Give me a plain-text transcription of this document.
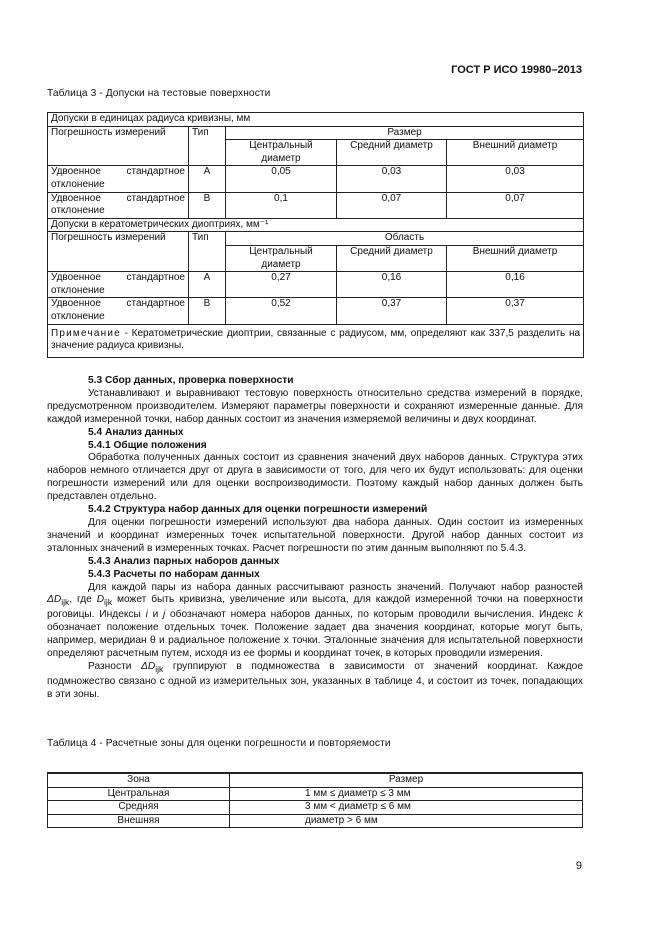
ГОСТ Р ИСО 19980–2013
Таблица 3 - Допуски на тестовые поверхности
Допуски в единицах радиуса кривизны, мм				
Погрешность измерений	Тип	Размер		
		Центральный диаметр	Средний диаметр	Внешний диаметр
Удвоенное стандартное отклонение	A	0,05	0,03	0,03
Удвоенное стандартное отклонение	B	0,1	0,07	0,07
Допуски в кератометрических диоптриях, мм⁻¹				
Погрешность измерений	Тип	Область		
		Центральный диаметр	Средний диаметр	Внешний диаметр
Удвоенное стандартное отклонение	A	0,27	0,16	0,16
Удвоенное стандартное отклонение	B	0,52	0,37	0,37
Примечание - Кератометрические диоптрии, связанные с радиусом, мм, определяют как 337,5 разделить на значение радиуса кривизны.				
5.3 Сбор данных, проверка поверхности

Устанавливают и выравнивают тестовую поверхность относительно средства измерений в порядке, предусмотренном производителем. Измеряют параметры поверхности и сохраняют измеренные данные. Для каждой измеренной точки, набор данных состоит из значения измеряемой величины и двух координат.

5.4 Анализ данных
5.4.1 Общие положения

Обработка полученных данных состоит из сравнения значений двух наборов данных. Структура этих наборов немного отличается друг от друга в зависимости от того, для чего их будут использовать: для оценки погрешности измерений или для оценки воспроизводимости. Поэтому каждый набор данных должен быть представлен отдельно.

5.4.2 Структура набор данных для оценки погрешности измерений

Для оценки погрешности измерений используют два набора данных. Один состоит из измеренных значений и координат измеренных точек испытательной поверхности. Другой набор данных состоит из эталонных значений в измеренных точках. Расчет погрешности по этим данным выполняют по 5.4.3.

5.4.3 Анализ парных наборов данных
5.4.3 Расчеты по наборам данных

Для каждой пары из набора данных рассчитывают разность значений. Получают набор разностей $\Delta D_{ijk}$, где $D_{ijk}$ может быть кривизна, увеличение или высота, для каждой измеренной точки на поверхности роговицы. Индексы i и j обозначают номера наборов данных, по которым проводили вычисления. Индекс k обозначает положение отдельных точек. Положение задает два значения координат, которые могут быть, например, меридиан θ и радиальное положение x точки. Эталонные значения для испытательной поверхности определяют расчетным путем, исходя из ее формы и координат точек, в которых проводили измерения.

Разности $\Delta D_{ijk}$ группируют в подмножества в зависимости от значений координат. Каждое подмножество связано с одной из измерительных зон, указанных в таблице 4, и состоит из точек, попадающих в эти зоны.

Таблица 4 - Расчетные зоны для оценки погрешности и повторяемости
Зона	Размер
Центральная	1 мм ≤ диаметр ≤ 3 мм
Средняя	3 мм < диаметр ≤ 6 мм
Внешняя	диаметр > 6 мм
9
